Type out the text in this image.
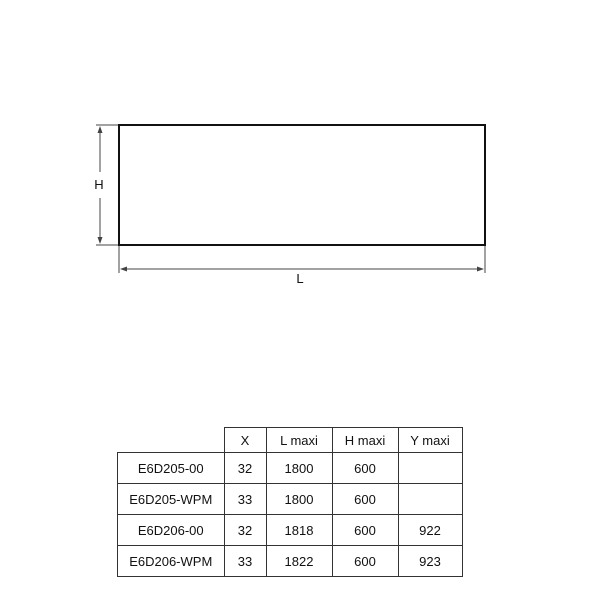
H
L
	X	L maxi	H maxi	Y maxi
E6D205-00	32	1800	600	
E6D205-WPM	33	1800	600	
E6D206-00	32	1818	600	922
E6D206-WPM	33	1822	600	923
